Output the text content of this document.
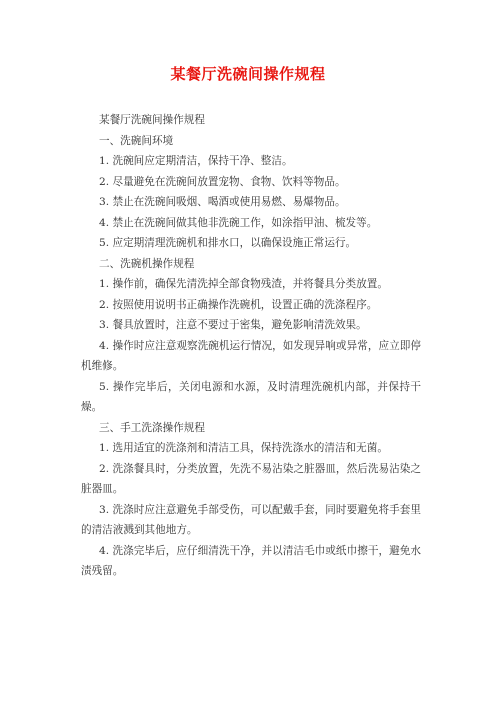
某餐厅洗碗间操作规程

某餐厅洗碗间操作规程

一、洗碗间环境

1. 洗碗间应定期清洁，保持干净、整洁。

2. 尽量避免在洗碗间放置宠物、食物、饮料等物品。

3. 禁止在洗碗间吸烟、喝酒或使用易燃、易爆物品。

4. 禁止在洗碗间做其他非洗碗工作，如涂指甲油、梳发等。

5. 应定期清理洗碗机和排水口，以确保设施正常运行。

二、洗碗机操作规程

1. 操作前，确保先清洗掉全部食物残渣，并将餐具分类放置。

2. 按照使用说明书正确操作洗碗机，设置正确的洗涤程序。

3. 餐具放置时，注意不要过于密集，避免影响清洗效果。

4. 操作时应注意观察洗碗机运行情况，如发现异响或异常，应立即停机维修。

5. 操作完毕后，关闭电源和水源，及时清理洗碗机内部，并保持干燥。

三、手工洗涤操作规程

1. 选用适宜的洗涤剂和清洁工具，保持洗涤水的清洁和无菌。

2. 洗涤餐具时，分类放置，先洗不易沾染之脏器皿，然后洗易沾染之脏器皿。

3. 洗涤时应注意避免手部受伤，可以配戴手套，同时要避免将手套里的清洁液溅到其他地方。

4. 洗涤完毕后，应仔细清洗干净，并以清洁毛巾或纸巾擦干，避免水渍残留。
